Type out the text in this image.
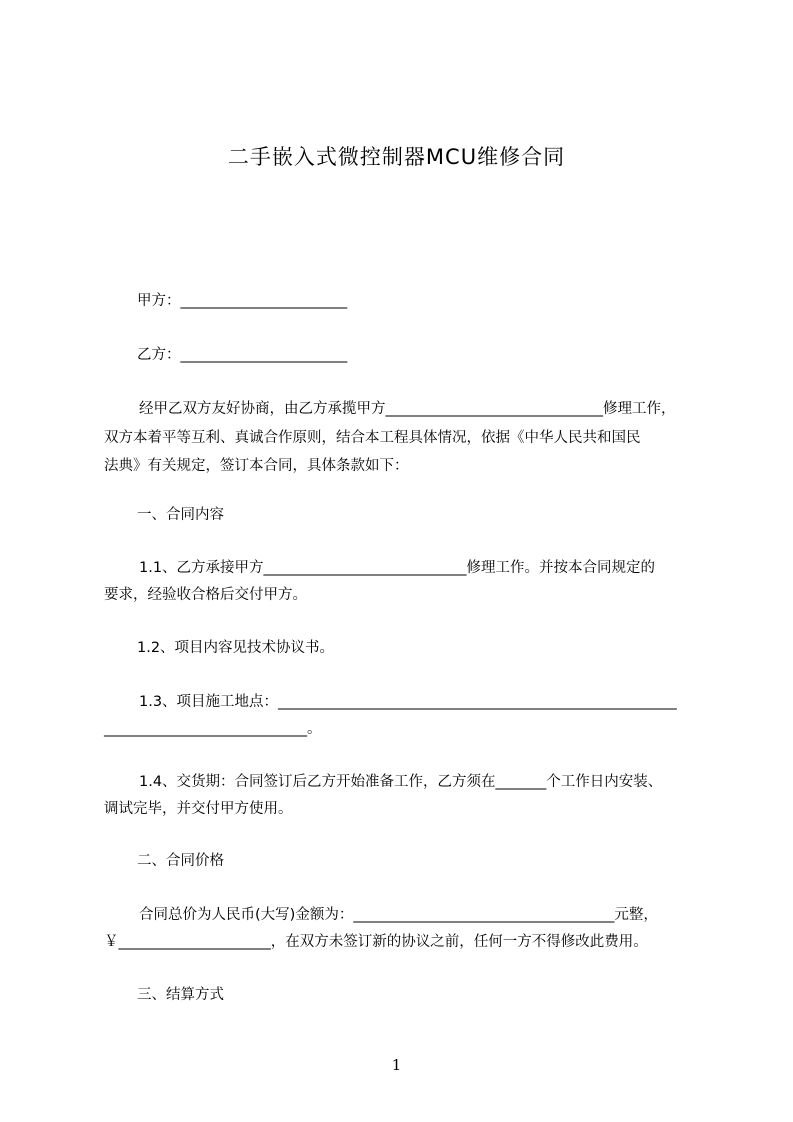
二手嵌入式微控制器MCU维修合同
甲方：_______________________
乙方：_______________________
经甲乙双方友好协商，由乙方承揽甲方______________________________修理工作，
双方本着平等互利、真诚合作原则，结合本工程具体情况，依据《中华人民共和国民
法典》有关规定，签订本合同，具体条款如下：
一、合同内容
1.1、乙方承接甲方____________________________修理工作。并按本合同规定的
要求，经验收合格后交付甲方。
1.2、项目内容见技术协议书。
1.3、项目施工地点：_______________________________________________________
____________________________。
1.4、交货期：合同签订后乙方开始准备工作，乙方须在_______个工作日内安装、
调试完毕，并交付甲方使用。
二、合同价格
合同总价为人民币(大写)金额为：____________________________________元整，
￥_____________________，在双方未签订新的协议之前，任何一方不得修改此费用。
三、结算方式
1
